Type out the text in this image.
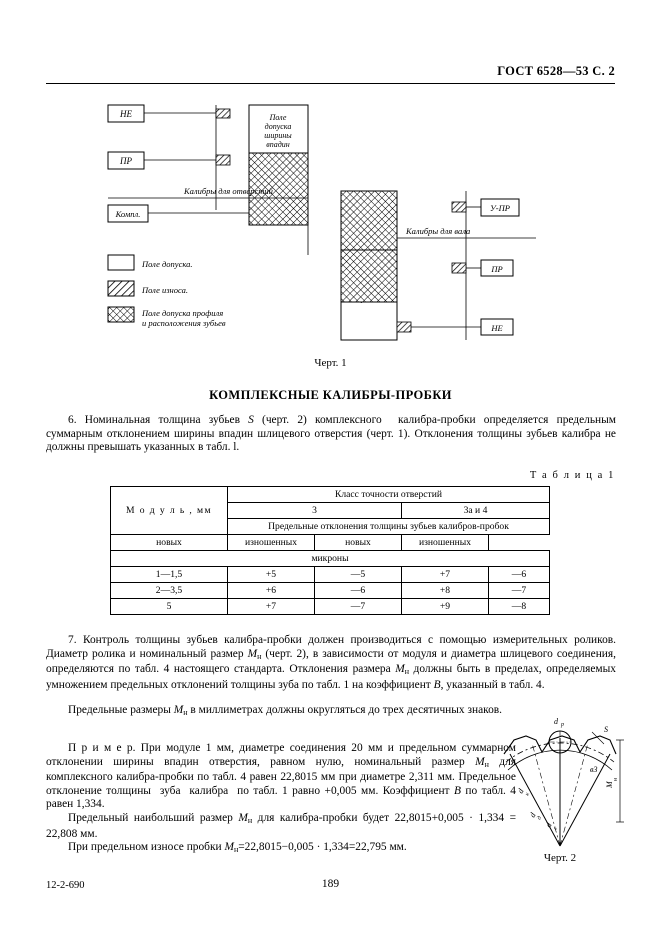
ГОСТ 6528—53 С. 2
НЕ
ПР
Поле
допуска
ширины
впадин
Калибры для отверстий
Компл.
Поле допуска.
Поле износа.
Поле допуска профиля
и расположения зубьев
У-ПР
Калибры для вала
ПР
НЕ
Черт. 1
КОМПЛЕКСНЫЕ КАЛИБРЫ-ПРОБКИ
6. Номинальная толщина зубьев S (черт. 2) комплексного  калибра-пробки определяется предельным суммарным отклонением ширины впадин шлицевого отверстия (черт. 1). Отклонения толщины зубьев калибра не должны превышать указанных в табл. l.
Т а б л и ц а 1
М о д у л ь , мм	Класс точности отверстий			
	3		3а и 4	
	Предельные отклонения толщины зубьев калибров-пробок			
новых	изношенных	новых	изношенных	
микроны				
1—1,5	+5	—5	+7	—6
2—3,5	+6	—6	+8	—7
5	+7	—7	+9	—8
7. Контроль толщины зубьев калибра-пробки должен производиться с помощью измерительных роликов. Диаметр ролика и номинальный размер $M_н$ (черт. 2), в зависимости от модуля и диаметра шлицевого соединения, определяются по табл. 4 настоящего стандарта. Отклонения размера $M_н$ должны быть в пределах, определяемых умножением предельных отклонений толщины зуба по табл. 1 на коэффициент B, указанный в табл. 4.
Предельные размеры $M_н$ в миллиметрах должны округляться до трех десятичных знаков.
П р и м е р. При модуле 1 мм, диаметре соединения 20 мм и предельном суммарном отклонении ширины впадин отверстия, равном нулю, номинальный размер $M_н$ для комплексного калибра-пробки по табл. 4 равен 22,8015 мм при диаметре 2,311 мм. Предельное отклонение толщины  зуба  калибра  по табл. 1 равно +0,005 мм. Коэффициент B по табл. 4 равен 1,334.
Предельный наибольший размер $M_н$ для калибра-пробки будет 22,8015+0,005 · 1,334 = 22,808 мм.
При предельном износе пробки $M_н=22,8015-0,005 \cdot 1,334=22,795$ мм.
d р	S
в3
d
к
d
д
d
c
M
н
Черт. 2
12-2-690	189
